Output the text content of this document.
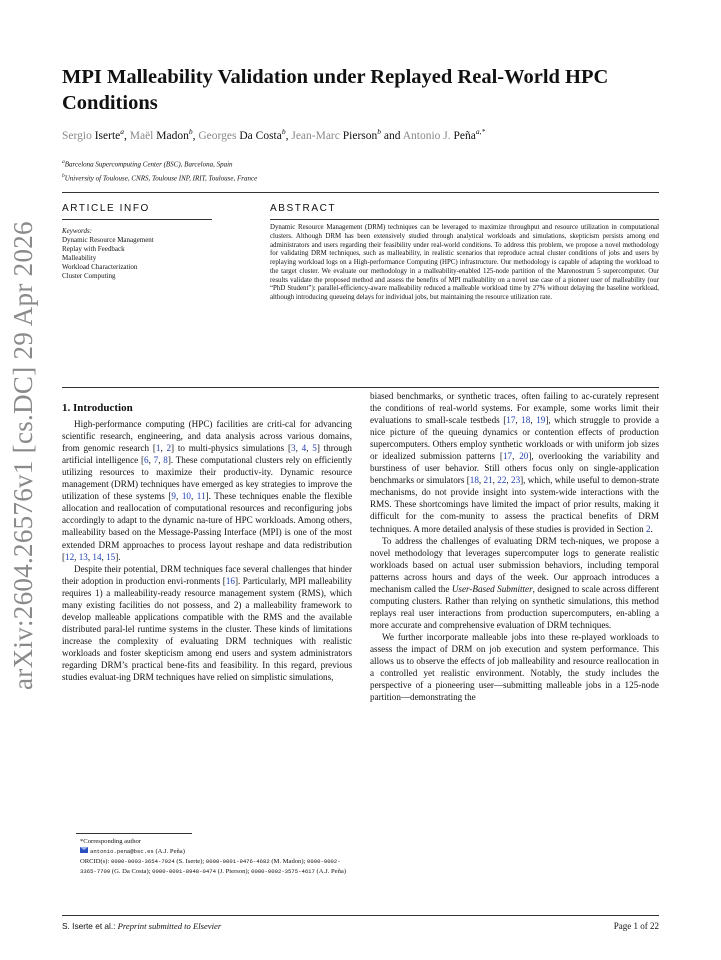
arXiv:2604.26576v1 [cs.DC] 29 Apr 2026
MPI Malleability Validation under Replayed Real-World HPC Conditions
Sergio Iserte$^a$, Maël Madon$^b$, Georges Da Costa$^b$, Jean-Marc Pierson$^b$ and Antonio J. Peña$^{a,*}$
$^a$Barcelona Supercomputing Center (BSC), Barcelona, Spain
$^b$University of Toulouse, CNRS, Toulouse INP, IRIT, Toulouse, France
ARTICLE INFO	ABSTRACT
Keywords:
Dynamic Resource Management
Replay with Feedback
Malleability
Workload Characterization
Cluster Computing
Dynamic Resource Management (DRM) techniques can be leveraged to maximize throughput and resource utilization in computational clusters. Although DRM has been extensively studied through analytical workloads and simulations, skepticism persists among end administrators and users regarding their feasibility under real-world conditions. To address this problem, we propose a novel methodology for validating DRM techniques, such as malleability, in realistic scenarios that reproduce actual cluster conditions of jobs and users by replaying workload logs on a High-performance Computing (HPC) infrastructure. Our methodology is capable of adapting the workload to the target cluster. We evaluate our methodology in a malleability-enabled 125-node partition of the Marenostrum 5 supercomputer. Our results validate the proposed method and assess the benefits of MPI malleability on a novel use case of a pioneer user of malleability (our “PhD Student”): parallel-efficiency-aware malleability reduced a malleable workload time by 27% without delaying the baseline workload, although introducing queueing delays for individual jobs, but maintaining the resource utilization rate.
1. Introduction

High-performance computing (HPC) facilities are criti-cal for advancing scientific research, engineering, and data analysis across various domains, from genomic research [1, 2] to multi-physics simulations [3, 4, 5] through artificial intelligence [6, 7, 8]. These computational clusters rely on efficiently utilizing resources to maximize their productiv-ity. Dynamic resource management (DRM) techniques have emerged as key strategies to improve the utilization of these systems [9, 10, 11]. These techniques enable the flexible allocation and reallocation of computational resources and reconfiguring jobs accordingly to adapt to the dynamic na-ture of HPC workloads. Among others, malleability based on the Message-Passing Interface (MPI) is one of the most extended DRM approaches to process layout reshape and data redistribution [12, 13, 14, 15].

Despite their potential, DRM techniques face several challenges that hinder their adoption in production envi-ronments [16]. Particularly, MPI malleability requires 1) a malleability-ready resource management system (RMS), which many existing facilities do not possess, and 2) a malleability framework to develop malleable applications compatible with the RMS and the available distributed paral-lel runtime systems in the cluster. These kinds of limitations increase the complexity of evaluating DRM techniques with realistic workloads and foster skepticism among end users and system administrators regarding DRM’s practical bene-fits and feasibility. In this regard, previous studies evaluat-ing DRM techniques have relied on simplistic simulations,

biased benchmarks, or synthetic traces, often failing to ac-curately represent the conditions of real-world systems. For example, some works limit their evaluations to small-scale testbeds [17, 18, 19], which struggle to provide a nice picture of the queuing dynamics or contention effects of production supercomputers. Others employ synthetic workloads or with uniform job sizes or idealized submission patterns [17, 20], overlooking the variability and burstiness of user behavior. Still others focus only on single-application benchmarks or simulators [18, 21, 22, 23], which, while useful to demon-strate mechanisms, do not provide insight into system-wide interactions with the RMS. These shortcomings have limited the impact of prior results, making it difficult for the com-munity to assess the practical benefits of DRM techniques. A more detailed analysis of these studies is provided in Section 2.

To address the challenges of evaluating DRM tech-niques, we propose a novel methodology that leverages supercomputer logs to generate realistic workloads based on actual user submission behaviors, including temporal patterns across hours and days of the week. Our approach introduces a mechanism called the User-Based Submitter, designed to scale across different computing clusters. Rather than relying on synthetic simulations, this method replays real user interactions from production supercomputers, en-abling a more accurate and comprehensive evaluation of DRM techniques.

We further incorporate malleable jobs into these re-played workloads to assess the impact of DRM on job execution and system performance. This allows us to observe the effects of job malleability and resource reallocation in a controlled yet realistic environment. Notably, the study includes the perspective of a pioneering user—submitting malleable jobs in a 125-node partition—demonstrating the

*Corresponding author
antonio.pena@bsc.es (A.J. Peña)
ORCID(s): 0000-0003-3654-7924 (S. Iserte); 0000-0001-9476-4682 (M. Madon); 0000-0002-3365-7709 (G. Da Costa); 0000-0001-8948-0474 (J. Pierson); 0000-0002-3575-4617 (A.J. Peña)
S. Iserte et al.: Preprint submitted to Elsevier	Page 1 of 22
